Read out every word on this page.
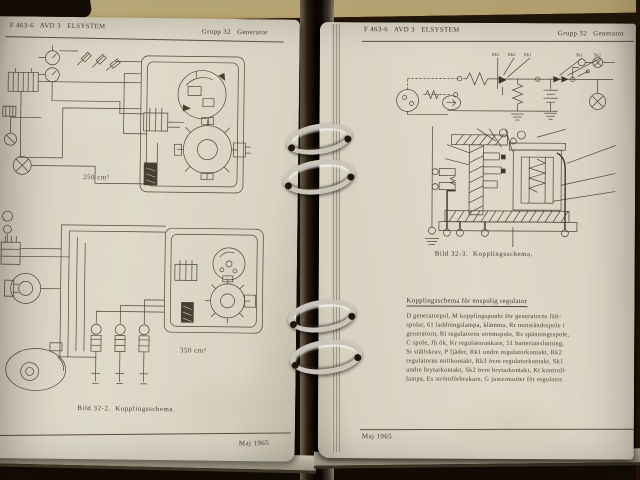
F 463-6   AVD 3   ELSYSTEM
Grupp 32   Generator
250 cm³
350 cm³
Bild 32-2.  Kopplingsschema.
Maj 1965
F 463-6   AVD 3   ELSYSTEM
Grupp 32   Generator
Rk3 Rk2 Rk1	Sk1 Sk2
Bild 32-3.  Kopplingsschema.
Kopplingsschema för enspolig regulator
D generatorpol, M kopplingspunkt för generatorns fält-
spolar, 61 laddningslampa, klämma, Rr motståndsspole i
generatorn, Ri regulatorns strömspole, Rs spänningsspole,
C spole, Jh ök, Kr regulatorankare, 51 batterianslutning,
St ställskruv, P fjäder, Rk1 undre regulatorkontakt, Rk2
regulatorns mittkontakt, Rk3 övre regulatorkontakt, Sk1
undre brytarkontakt, Sk2 övre brytarkontakt, Kt kontroll-
lampa, Es strömförbrukare, G justermutter för regulator.
Maj 1965
